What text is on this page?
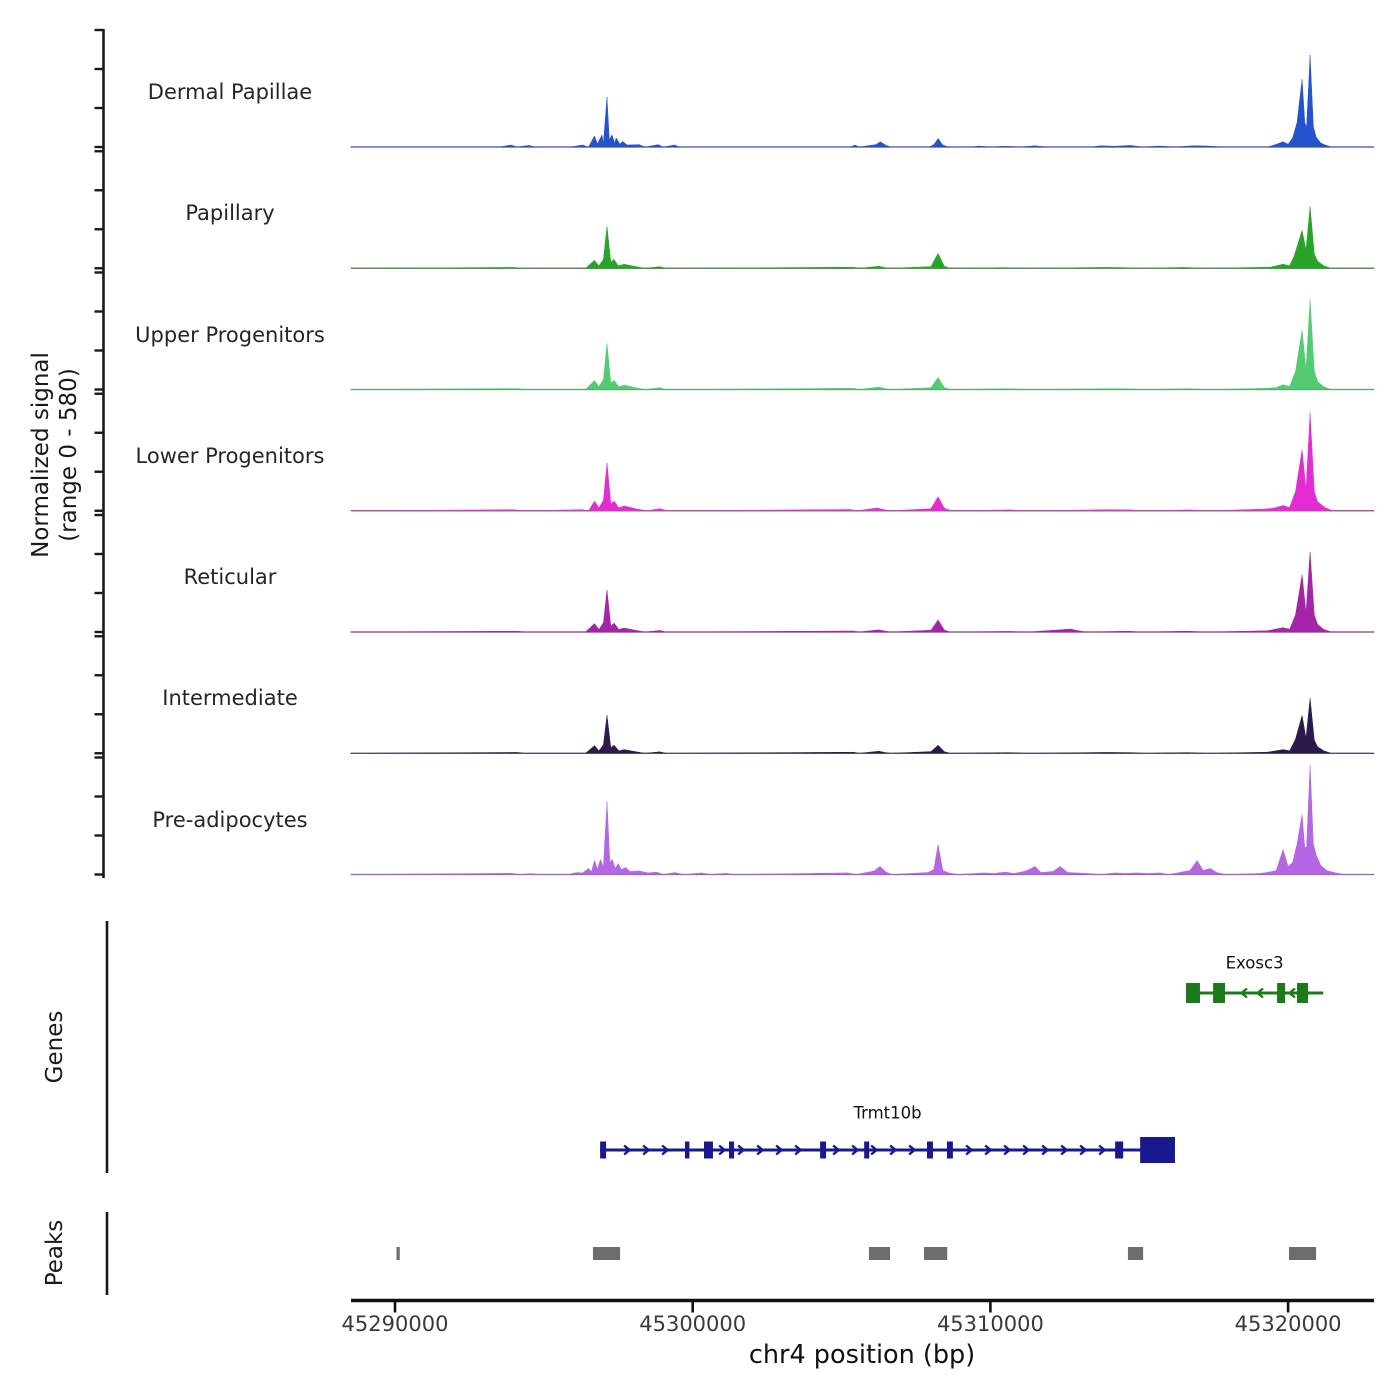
Normalized signal (range 0 - 580)
Genes
Peaks
Dermal Papillae
Papillary
Upper Progenitors
Lower Progenitors
Reticular
Intermediate
Pre-adipocytes
Exosc3
Trmt10b
45290000	45300000	45310000	45320000
chr4 position (bp)
